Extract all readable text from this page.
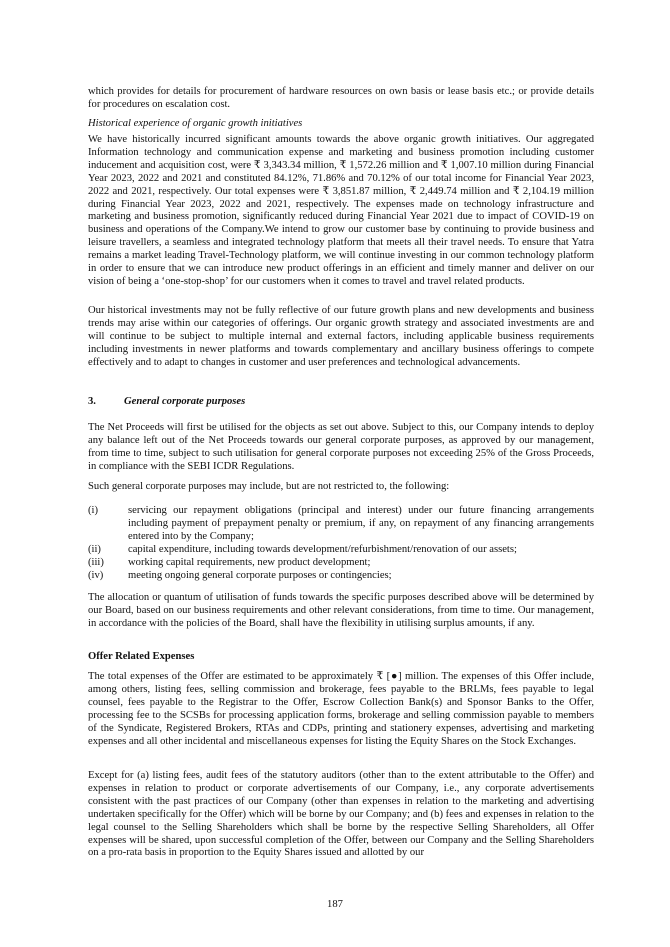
which provides for details for procurement of hardware resources on own basis or lease basis etc.; or provide details for procedures on escalation cost.
Historical experience of organic growth initiatives
We have historically incurred significant amounts towards the above organic growth initiatives. Our aggregated Information technology and communication expense and marketing and business promotion including customer inducement and acquisition cost, were ₹ 3,343.34 million, ₹ 1,572.26 million and ₹ 1,007.10 million during Financial Year 2023, 2022 and 2021 and constituted 84.12%, 71.86% and 70.12% of our total income for Financial Year 2023, 2022 and 2021, respectively. Our total expenses were ₹ 3,851.87 million, ₹ 2,449.74 million and ₹ 2,104.19 million during Financial Year 2023, 2022 and 2021, respectively. The expenses made on technology infrastructure and marketing and business promotion, significantly reduced during Financial Year 2021 due to impact of COVID-19 on business and operations of the Company.We intend to grow our customer base by continuing to provide business and leisure travellers, a seamless and integrated technology platform that meets all their travel needs. To ensure that Yatra remains a market leading Travel-Technology platform, we will continue investing in our common technology platform in order to ensure that we can introduce new product offerings in an efficient and timely manner and deliver on our vision of being a ‘one-stop-shop’ for our customers when it comes to travel and travel related products.
Our historical investments may not be fully reflective of our future growth plans and new developments and business trends may arise within our categories of offerings. Our organic growth strategy and associated investments are and will continue to be subject to multiple internal and external factors, including applicable business requirements including investments in newer platforms and towards complementary and ancillary business offerings to compete effectively and to adapt to changes in customer and user preferences and technological advancements.
3.	General corporate purposes
The Net Proceeds will first be utilised for the objects as set out above. Subject to this, our Company intends to deploy any balance left out of the Net Proceeds towards our general corporate purposes, as approved by our management, from time to time, subject to such utilisation for general corporate purposes not exceeding 25% of the Gross Proceeds, in compliance with the SEBI ICDR Regulations.
Such general corporate purposes may include, but are not restricted to, the following:
(i)	servicing our repayment obligations (principal and interest) under our future financing arrangements including payment of prepayment penalty or premium, if any, on repayment of any financing arrangements entered into by the Company;
(ii)	capital expenditure, including towards development/refurbishment/renovation of our assets;
(iii)	working capital requirements, new product development;
(iv)	meeting ongoing general corporate purposes or contingencies;
The allocation or quantum of utilisation of funds towards the specific purposes described above will be determined by our Board, based on our business requirements and other relevant considerations, from time to time. Our management, in accordance with the policies of the Board, shall have the flexibility in utilising surplus amounts, if any.
Offer Related Expenses
The total expenses of the Offer are estimated to be approximately ₹ [●] million. The expenses of this Offer include, among others, listing fees, selling commission and brokerage, fees payable to the BRLMs, fees payable to legal counsel, fees payable to the Registrar to the Offer, Escrow Collection Bank(s) and Sponsor Banks to the Offer, processing fee to the SCSBs for processing application forms, brokerage and selling commission payable to members of the Syndicate, Registered Brokers, RTAs and CDPs, printing and stationery expenses, advertising and marketing expenses and all other incidental and miscellaneous expenses for listing the Equity Shares on the Stock Exchanges.
Except for (a) listing fees, audit fees of the statutory auditors (other than to the extent attributable to the Offer) and expenses in relation to product or corporate advertisements of our Company, i.e., any corporate advertisements consistent with the past practices of our Company (other than expenses in relation to the marketing and advertising undertaken specifically for the Offer) which will be borne by our Company; and (b) fees and expenses in relation to the legal counsel to the Selling Shareholders which shall be borne by the respective Selling Shareholders, all Offer expenses will be shared, upon successful completion of the Offer, between our Company and the Selling Shareholders on a pro-rata basis in proportion to the Equity Shares issued and allotted by our
187
